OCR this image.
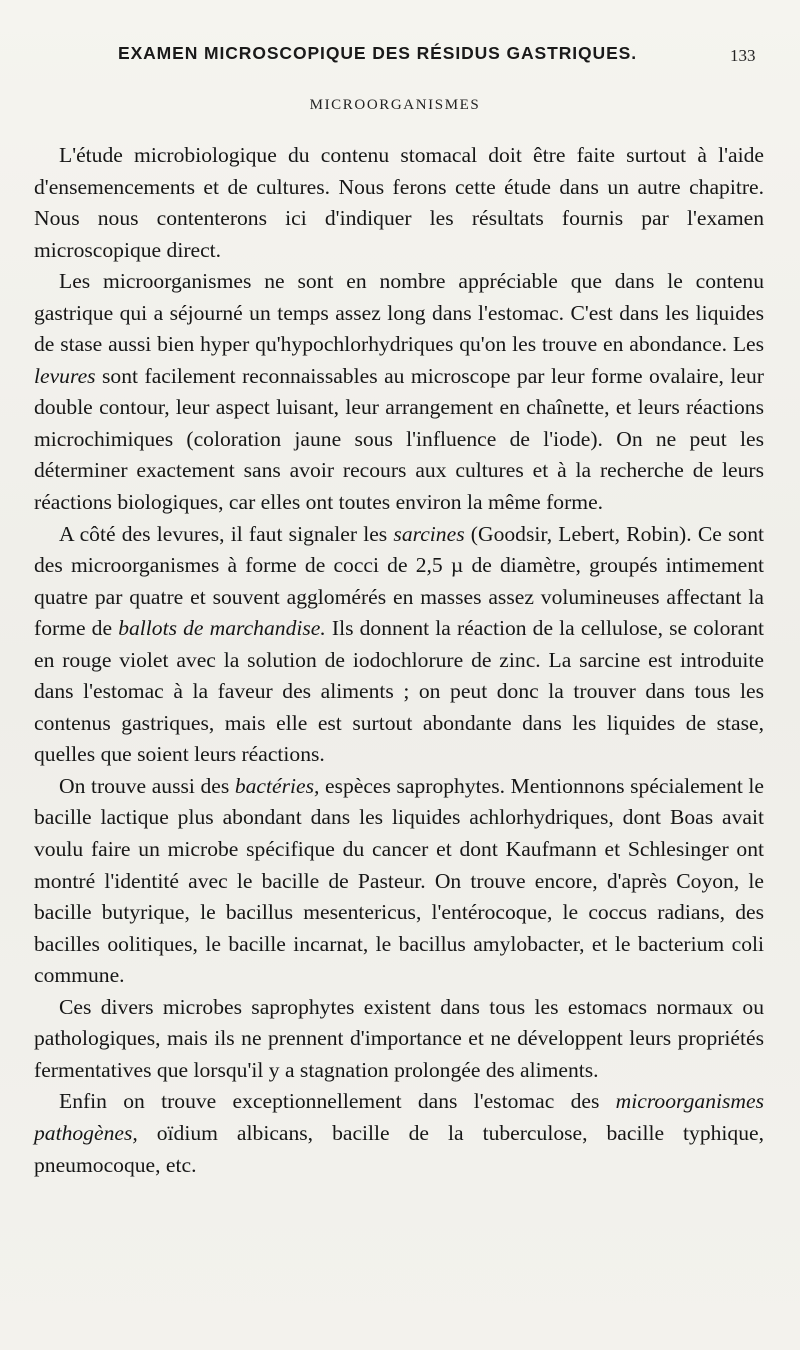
EXAMEN MICROSCOPIQUE DES RÉSIDUS GASTRIQUES.	133
MICROORGANISMES

L'étude microbiologique du contenu stomacal doit être faite surtout à l'aide d'ensemencements et de cultures. Nous ferons cette étude dans un autre chapitre. Nous nous contenterons ici d'indiquer les résultats fournis par l'examen microscopique direct.

Les microorganismes ne sont en nombre appréciable que dans le contenu gastrique qui a séjourné un temps assez long dans l'estomac. C'est dans les liquides de stase aussi bien hyper qu'hypochlorhydriques qu'on les trouve en abondance. Les levures sont facilement reconnaissables au microscope par leur forme ovalaire, leur double contour, leur aspect luisant, leur arrangement en chaînette, et leurs réactions microchimiques (coloration jaune sous l'influence de l'iode). On ne peut les déterminer exactement sans avoir recours aux cultures et à la recherche de leurs réactions biologiques, car elles ont toutes environ la même forme.

A côté des levures, il faut signaler les sarcines (Goodsir, Lebert, Robin). Ce sont des microorganismes à forme de cocci de 2,5 µ de diamètre, groupés intimement quatre par quatre et souvent agglomérés en masses assez volumineuses affectant la forme de ballots de marchandise. Ils donnent la réaction de la cellulose, se colorant en rouge violet avec la solution de iodochlorure de zinc. La sarcine est introduite dans l'estomac à la faveur des aliments ; on peut donc la trouver dans tous les contenus gastriques, mais elle est surtout abondante dans les liquides de stase, quelles que soient leurs réactions.

On trouve aussi des bactéries, espèces saprophytes. Mentionnons spécialement le bacille lactique plus abondant dans les liquides achlorhydriques, dont Boas avait voulu faire un microbe spécifique du cancer et dont Kaufmann et Schlesinger ont montré l'identité avec le bacille de Pasteur. On trouve encore, d'après Coyon, le bacille butyrique, le bacillus mesentericus, l'entérocoque, le coccus radians, des bacilles oolitiques, le bacille incarnat, le bacillus amylobacter, et le bacterium coli commune.

Ces divers microbes saprophytes existent dans tous les estomacs normaux ou pathologiques, mais ils ne prennent d'importance et ne développent leurs propriétés fermentatives que lorsqu'il y a stagnation prolongée des aliments.

Enfin on trouve exceptionnellement dans l'estomac des microorganismes pathogènes, oïdium albicans, bacille de la tuberculose, bacille typhique, pneumocoque, etc.
